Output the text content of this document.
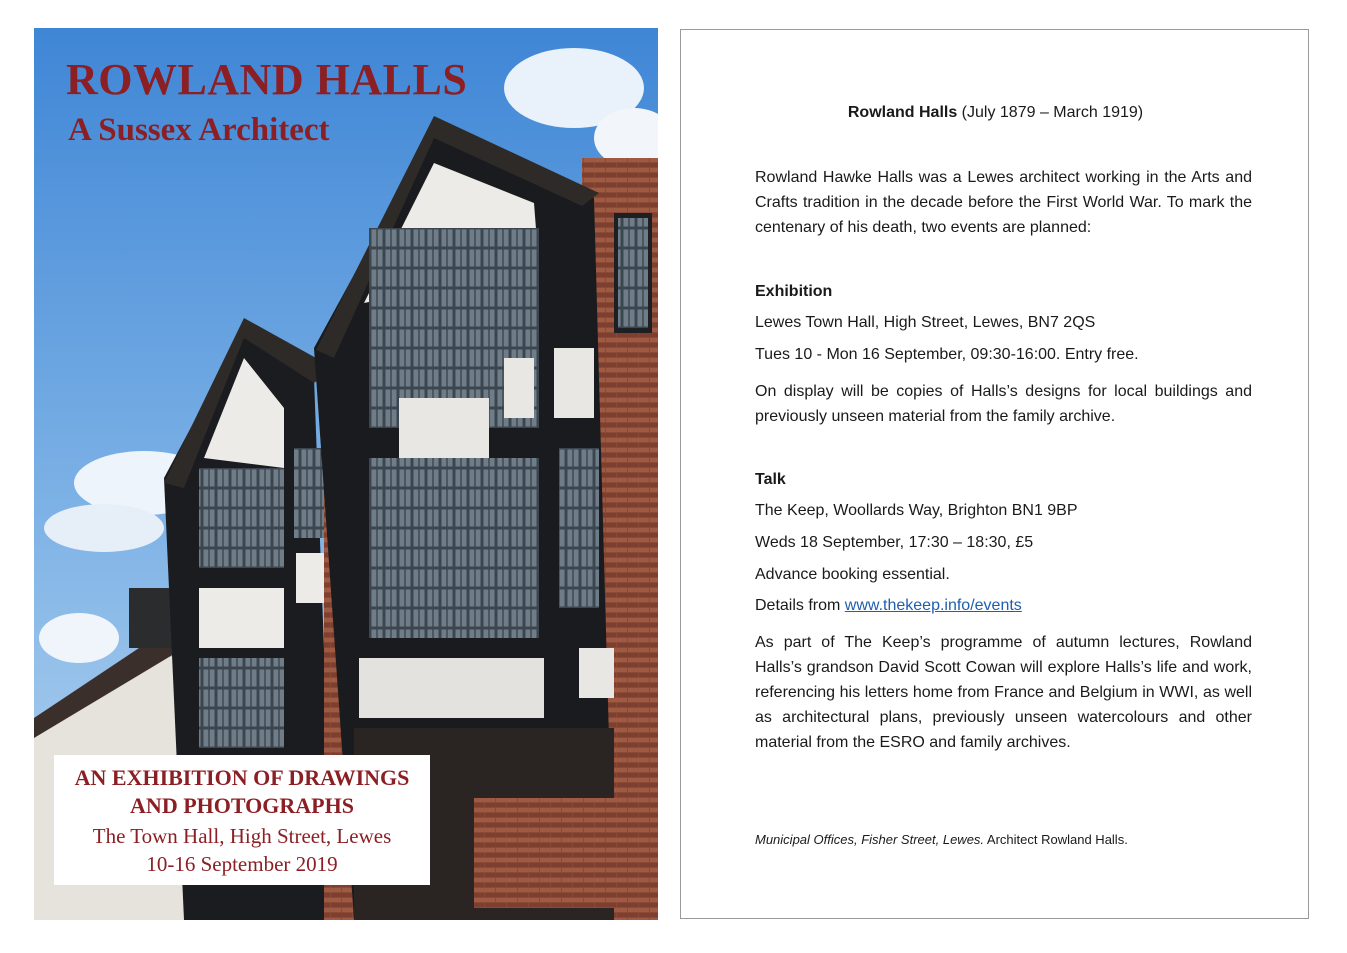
ROWLAND HALLS
A Sussex Architect
AN EXHIBITION OF DRAWINGS
AND PHOTOGRAPHS
The Town Hall, High Street, Lewes
10-16 September 2019
Rowland Halls (July 1879 – March 1919)

Rowland Hawke Halls was a Lewes architect working in the Arts and Crafts tradition in the decade before the First World War. To mark the centenary of his death, two events are planned:

Exhibition

Lewes Town Hall, High Street, Lewes, BN7 2QS

Tues 10 - Mon 16 September, 09:30-16:00. Entry free.

On display will be copies of Halls’s designs for local buildings and previously unseen material from the family archive.

Talk

The Keep, Woollards Way, Brighton BN1 9BP

Weds 18 September, 17:30 – 18:30, £5

Advance booking essential.

Details from www.thekeep.info/events

As part of The Keep’s programme of autumn lectures, Rowland Halls’s grandson David Scott Cowan will explore Halls’s life and work, referencing his letters home from France and Belgium in WWI, as well as architectural plans, previously unseen watercolours and other material from the ESRO and family archives.

Municipal Offices, Fisher Street, Lewes. Architect Rowland Halls.
